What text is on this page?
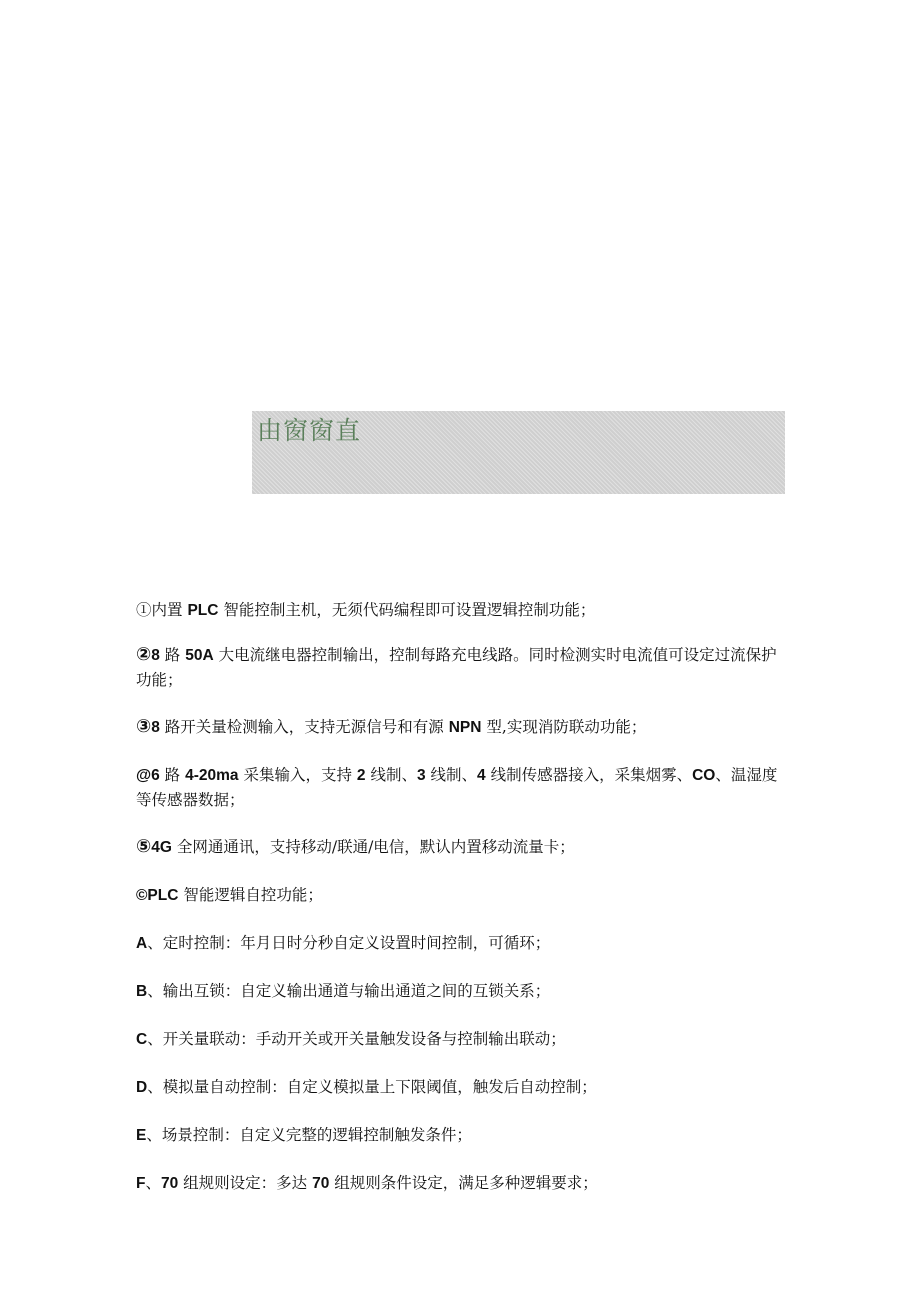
由窗窗直

①内置 PLC 智能控制主机，无须代码编程即可设置逻辑控制功能；

②8 路 50A 大电流继电器控制输出，控制每路充电线路。同时检测实时电流值可设定过流保护功能；

③8 路开关量检测输入，支持无源信号和有源 NPN 型,实现消防联动功能；

@6 路 4-20ma 采集输入，支持 2 线制、3 线制、4 线制传感器接入，采集烟雾、CO、温湿度等传感器数据；

⑤4G 全网通通讯，支持移动/联通/电信，默认内置移动流量卡；

©PLC 智能逻辑自控功能；

A、定时控制：年月日时分秒自定义设置时间控制，可循环；

B、输出互锁：自定义输出通道与输出通道之间的互锁关系；

C、开关量联动：手动开关或开关量触发设备与控制输出联动；

D、模拟量自动控制：自定义模拟量上下限阈值，触发后自动控制；

E、场景控制：自定义完整的逻辑控制触发条件；

F、70 组规则设定：多达 70 组规则条件设定，满足多种逻辑要求；
